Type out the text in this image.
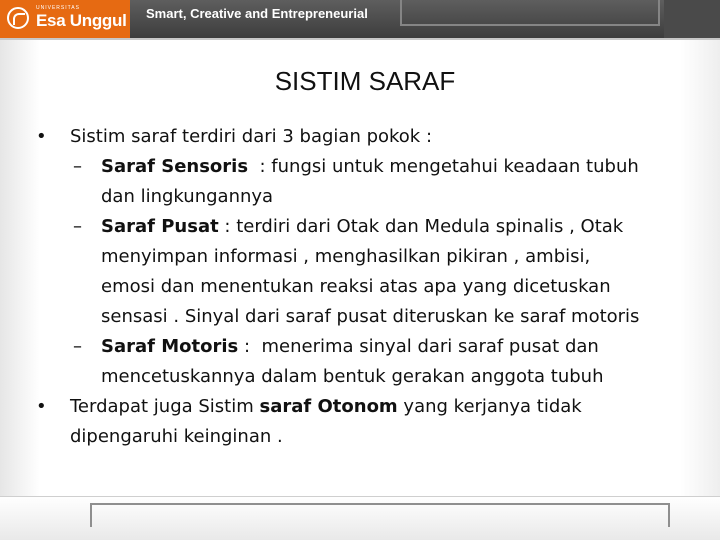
UNIVERSITAS
Esa Unggul Smart, Creative and Entrepreneurial
SISTIM SARAF
• Sistim saraf terdiri dari 3 bagian pokok :
– Saraf Sensoris  : fungsi untuk mengetahui keadaan tubuh
dan lingkungannya
– Saraf Pusat : terdiri dari Otak dan Medula spinalis , Otak
menyimpan informasi , menghasilkan pikiran , ambisi,
emosi dan menentukan reaksi atas apa yang dicetuskan
sensasi . Sinyal dari saraf pusat diteruskan ke saraf motoris
– Saraf Motoris :  menerima sinyal dari saraf pusat dan
mencetuskannya dalam bentuk gerakan anggota tubuh
• Terdapat juga Sistim saraf Otonom yang kerjanya tidak
dipengaruhi keinginan .
